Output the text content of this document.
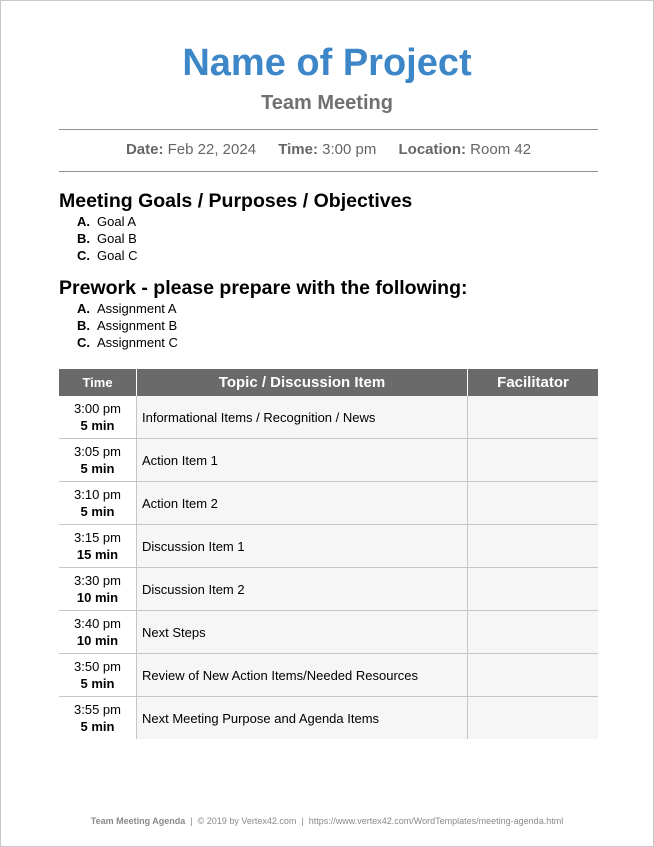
Name of Project
Team Meeting
Date: Feb 22, 2024 Time: 3:00 pm Location: Room 42
Meeting Goals / Purposes / Objectives
A. Goal A
B. Goal B
C. Goal C
Prework - please prepare with the following:
A. Assignment A
B. Assignment B
C. Assignment C
Time	Topic / Discussion Item	Facilitator
3:00 pm
5 min	Informational Items / Recognition / News	
3:05 pm
5 min	Action Item 1	
3:10 pm
5 min	Action Item 2	
3:15 pm
15 min	Discussion Item 1	
3:30 pm
10 min	Discussion Item 2	
3:40 pm
10 min	Next Steps	
3:50 pm
5 min	Review of New Action Items/Needed Resources	
3:55 pm
5 min	Next Meeting Purpose and Agenda Items	
Team Meeting Agenda | © 2019 by Vertex42.com | https://www.vertex42.com/WordTemplates/meeting-agenda.html
